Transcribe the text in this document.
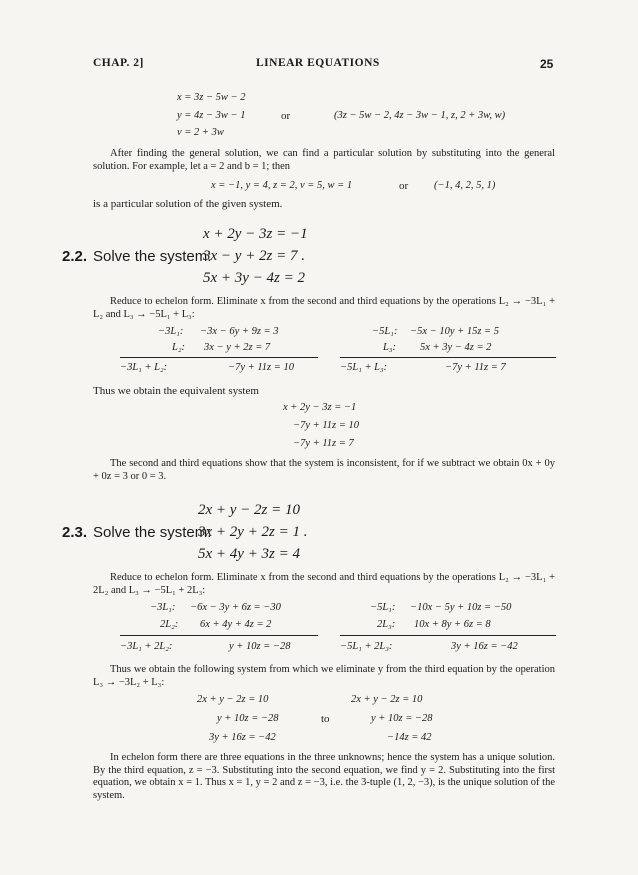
CHAP. 2]	LINEAR EQUATIONS	25
x = 3z − 5w − 2
y = 4z − 3w − 1	or	(3z − 5w − 2, 4z − 3w − 1, z, 2 + 3w, w)
v = 2 + 3w
After finding the general solution, we can find a particular solution by substituting into the general solution. For example, let a = 2 and b = 1; then
x = −1, y = 4, z = 2, v = 5, w = 1	or (−1, 4, 2, 5, 1)
is a particular solution of the given system.
x + 2y − 3z = −1
2.2. Solve the system:
3x − y + 2z = 7 .
5x + 3y − 4z = 2
Reduce to echelon form. Eliminate x from the second and third equations by the operations L₂ → −3L₁ + L₂ and L₃ → −5L₁ + L₃:
−3L₁: −3x − 6y + 9z = 3
L₂: 3x − y + 2z = 7
−3L₁ + L₂:	−7y + 11z = 10
−5L₁: −5x − 10y + 15z = 5
L₃: 5x + 3y − 4z = 2
−5L₁ + L₃:	−7y + 11z = 7
Thus we obtain the equivalent system
x + 2y − 3z = −1
−7y + 11z = 10
−7y + 11z = 7
The second and third equations show that the system is inconsistent, for if we subtract we obtain 0x + 0y + 0z = 3 or 0 = 3.
2x + y − 2z = 10
2.3. Solve the system:
3x + 2y + 2z = 1 .
5x + 4y + 3z = 4
Reduce to echelon form. Eliminate x from the second and third equations by the operations L₂ → −3L₁ + 2L₂ and L₃ → −5L₁ + 2L₃:
−3L₁: −6x − 3y + 6z = −30
2L₂: 6x + 4y + 4z = 2
−3L₁ + 2L₂:	y + 10z = −28
−5L₁: −10x − 5y + 10z = −50
2L₃: 10x + 8y + 6z = 8
−5L₁ + 2L₃:	3y + 16z = −42
Thus we obtain the following system from which we eliminate y from the third equation by the operation L₃ → −3L₂ + L₃:
2x + y − 2z = 10
y + 10z = −28
3y + 16z = −42
to
2x + y − 2z = 10
y + 10z = −28
−14z = 42
In echelon form there are three equations in the three unknowns; hence the system has a unique solution. By the third equation, z = −3. Substituting into the second equation, we find y = 2. Substituting into the first equation, we obtain x = 1. Thus x = 1, y = 2 and z = −3, i.e. the 3-tuple (1, 2, −3), is the unique solution of the system.
